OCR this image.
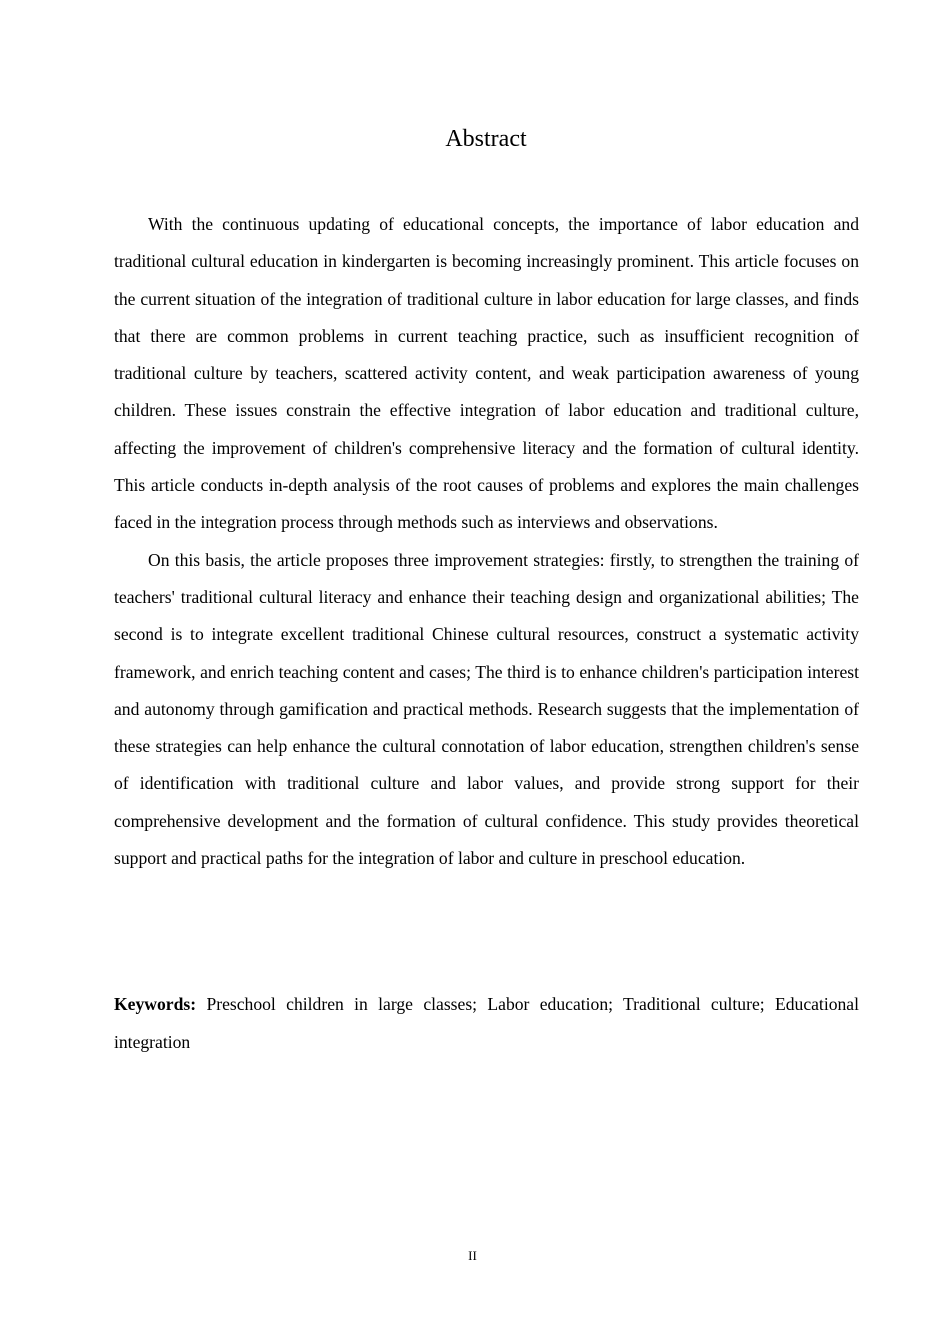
Abstract

With the continuous updating of educational concepts, the importance of labor education and traditional cultural education in kindergarten is becoming increasingly prominent. This article focuses on the current situation of the integration of traditional culture in labor education for large classes, and finds that there are common problems in current teaching practice, such as insufficient recognition of traditional culture by teachers, scattered activity content, and weak participation awareness of young children. These issues constrain the effective integration of labor education and traditional culture, affecting the improvement of children's comprehensive literacy and the formation of cultural identity. This article conducts in-depth analysis of the root causes of problems and explores the main challenges faced in the integration process through methods such as interviews and observations.

On this basis, the article proposes three improvement strategies: firstly, to strengthen the training of teachers' traditional cultural literacy and enhance their teaching design and organizational abilities; The second is to integrate excellent traditional Chinese cultural resources, construct a systematic activity framework, and enrich teaching content and cases; The third is to enhance children's participation interest and autonomy through gamification and practical methods. Research suggests that the implementation of these strategies can help enhance the cultural connotation of labor education, strengthen children's sense of identification with traditional culture and labor values, and provide strong support for their comprehensive development and the formation of cultural confidence. This study provides theoretical support and practical paths for the integration of labor and culture in preschool education.

Keywords: Preschool children in large classes; Labor education; Traditional culture; Educational integration
II
